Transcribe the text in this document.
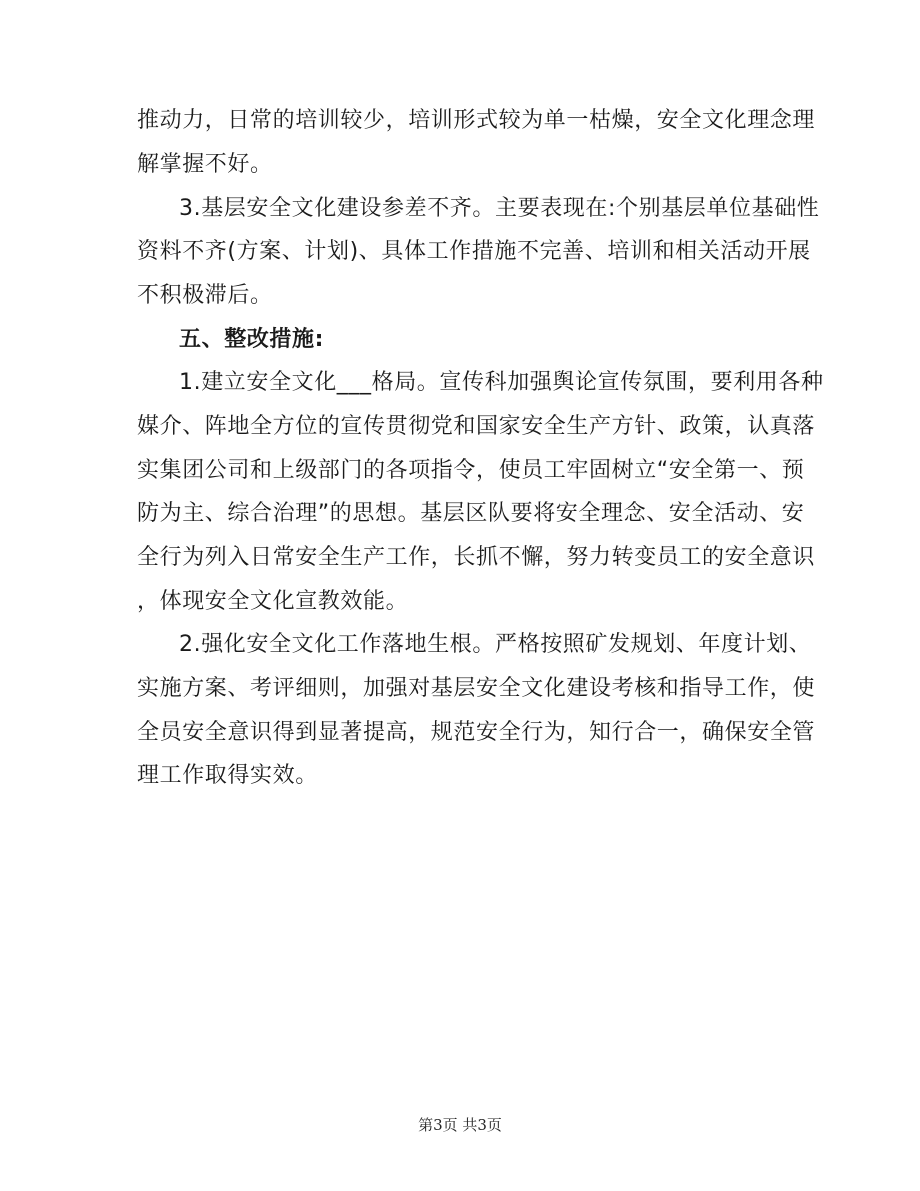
推动力，日常的培训较少，培训形式较为单一枯燥，安全文化理念理
解掌握不好。
3.基层安全文化建设参差不齐。主要表现在:个别基层单位基础性
资料不齐(方案、计划)、具体工作措施不完善、培训和相关活动开展
不积极滞后。
五、整改措施:
1.建立安全文化___格局。宣传科加强舆论宣传氛围，要利用各种
媒介、阵地全方位的宣传贯彻党和国家安全生产方针、政策，认真落
实集团公司和上级部门的各项指令，使员工牢固树立“安全第一、预
防为主、综合治理”的思想。基层区队要将安全理念、安全活动、安
全行为列入日常安全生产工作，长抓不懈，努力转变员工的安全意识
，体现安全文化宣教效能。
2.强化安全文化工作落地生根。严格按照矿发规划、年度计划、
实施方案、考评细则，加强对基层安全文化建设考核和指导工作，使
全员安全意识得到显著提高，规范安全行为，知行合一，确保安全管
理工作取得实效。
第3页 共3页
